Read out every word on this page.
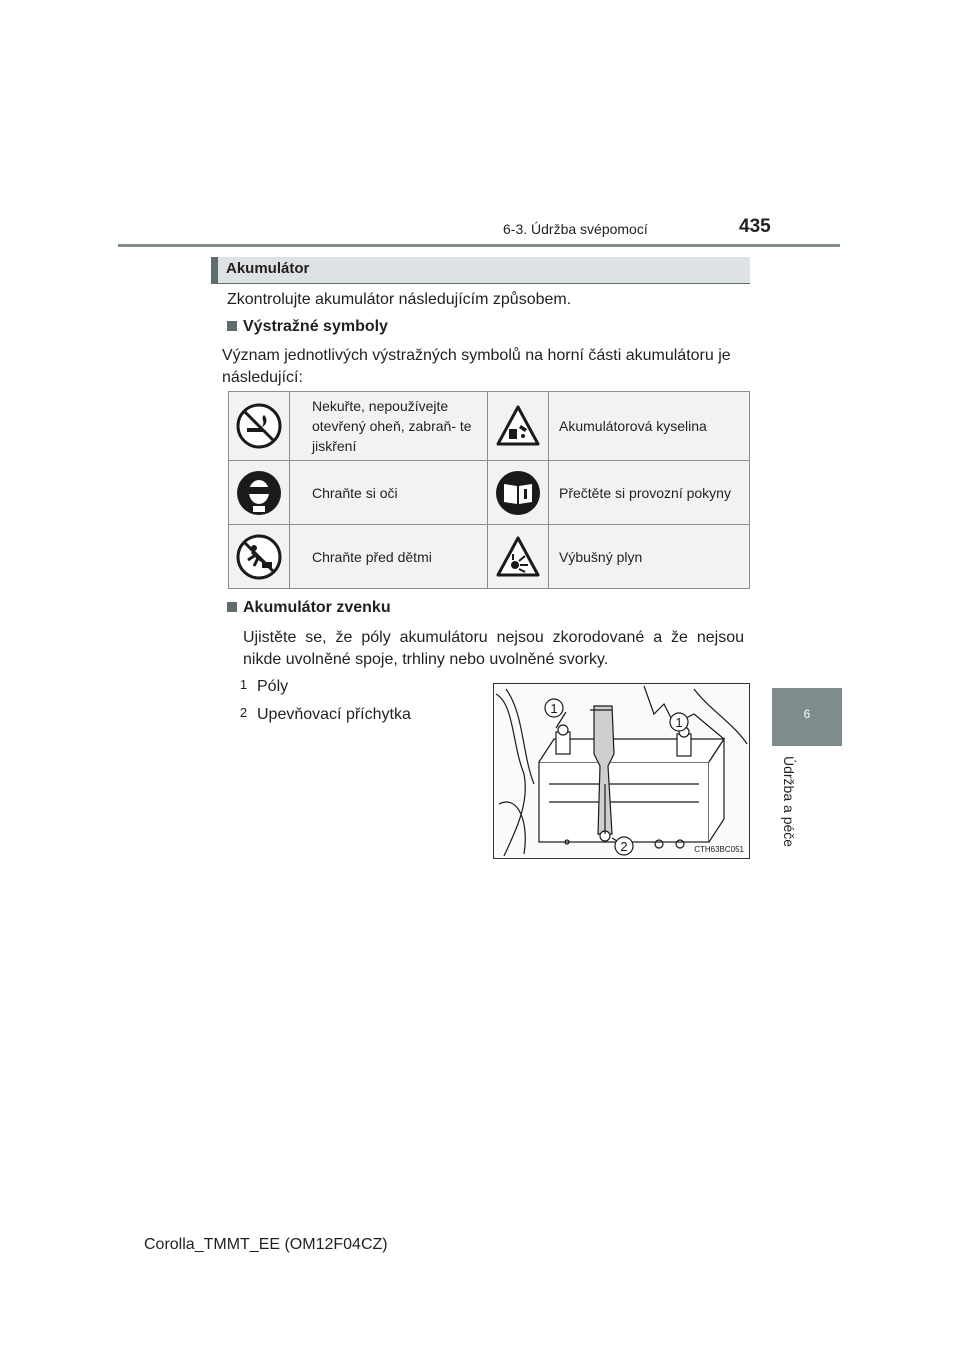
6-3. Údržba svépomocí	435
6
Údržba a péče
Akumulátor
Zkontrolujte akumulátor následujícím způsobem.
Výstražné symboly
Význam jednotlivých výstražných symbolů na horní části akumulátoru je následující:
	Nekuřte, nepoužívejte otevřený oheň, zabraň- te jiskření		Akumulátorová kyselina

	Chraňte si oči		Přečtěte si provozní pokyny

	Chraňte před dětmi		Výbušný plyn
Akumulátor zvenku
Ujistěte se, že póly akumulátoru nejsou zkorodované a že nejsou nikde uvolněné spoje, trhliny nebo uvolněné svorky.
1 Póly
2 Upevňovací příchytka	1
1
2	CTH63BC051
Corolla_TMMT_EE (OM12F04CZ)
